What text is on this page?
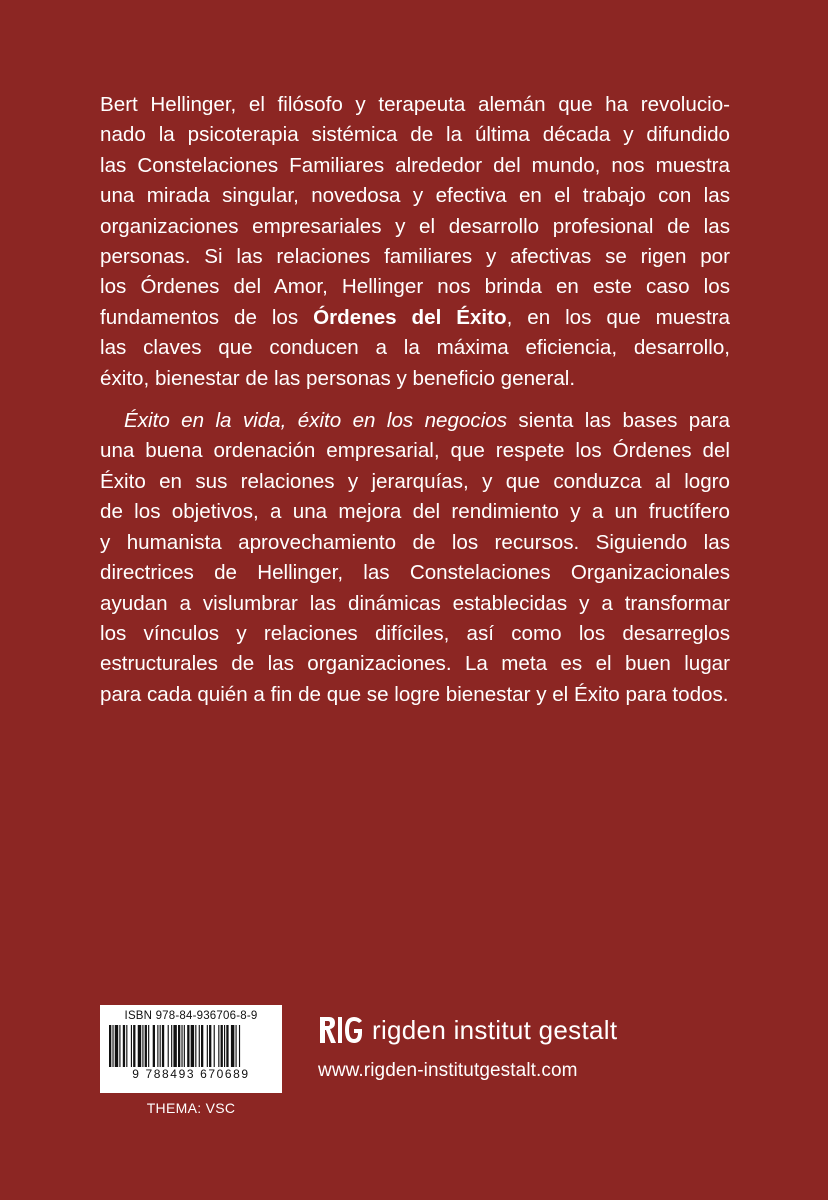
Bert Hellinger, el filósofo y terapeuta alemán que ha revolucio-
nado la psicoterapia sistémica de la última década y difundido
las Constelaciones Familiares alrededor del mundo, nos muestra
una mirada singular, novedosa y efectiva en el trabajo con las
organizaciones empresariales y el desarrollo profesional de las
personas. Si las relaciones familiares y afectivas se rigen por
los Órdenes del Amor, Hellinger nos brinda en este caso los
fundamentos de los Órdenes del Éxito, en los que muestra
las claves que conducen a la máxima eficiencia, desarrollo,
éxito, bienestar de las personas y beneficio general.
Éxito en la vida, éxito en los negocios sienta las bases para
una buena ordenación empresarial, que respete los Órdenes del
Éxito en sus relaciones y jerarquías, y que conduzca al logro
de los objetivos, a una mejora del rendimiento y a un fructífero
y humanista aprovechamiento de los recursos. Siguiendo las
directrices de Hellinger, las Constelaciones Organizacionales
ayudan a vislumbrar las dinámicas establecidas y a transformar
los vínculos y relaciones difíciles, así como los desarreglos
estructurales de las organizaciones. La meta es el buen lugar
para cada quién a fin de que se logre bienestar y el Éxito para todos.
ISBN 978-84-936706-8-9
9 788493 670689
THEMA: VSC
rigden institut gestalt
www.rigden-institutgestalt.com
